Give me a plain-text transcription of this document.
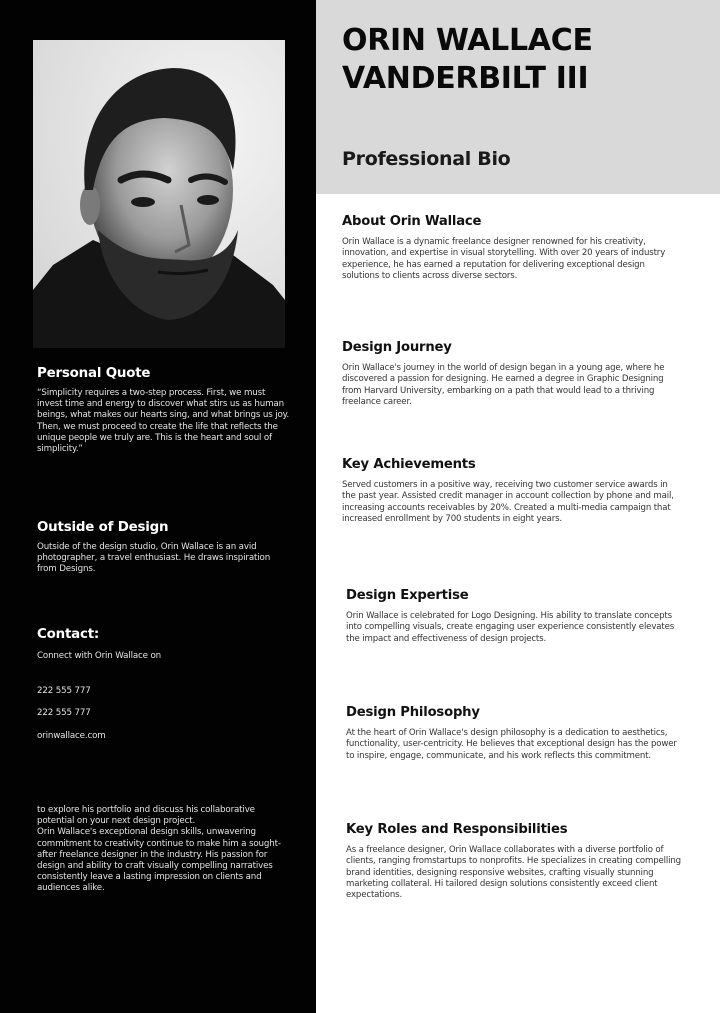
Personal Quote

“Simplicity requires a two-step process. First, we must invest time and energy to discover what stirs us as human beings, what makes our hearts sing, and what brings us joy. Then, we must proceed to create the life that reflects the unique people we truly are. This is the heart and soul of simplicity.”

Outside of Design

Outside of the design studio, Orin Wallace is an avid photographer, a travel enthusiast. He draws inspiration from Designs.

Contact:

Connect with Orin Wallace on

222 555 777

222 555 777

orinwallace.com

to explore his portfolio and discuss his collaborative potential on your next design project.

Orin Wallace's exceptional design skills, unwavering commitment to creativity continue to make him a sought-after freelance designer in the industry. His passion for design and ability to craft visually compelling narratives consistently leave a lasting impression on clients and audiences alike.

ORIN WALLACE
VANDERBILT III
Professional Bio
About Orin Wallace

Orin Wallace is a dynamic freelance designer renowned for his creativity, innovation, and expertise in visual storytelling. With over 20 years of industry experience, he has earned a reputation for delivering exceptional design solutions to clients across diverse sectors.

Design Journey

Orin Wallace's journey in the world of design began in a young age, where he discovered a passion for designing. He earned a degree in Graphic Designing from Harvard University, embarking on a path that would lead to a thriving freelance career.

Key Achievements

Served customers in a positive way, receiving two customer service awards in the past year. Assisted credit manager in account collection by phone and mail, increasing accounts receivables by 20%. Created a multi-media campaign that increased enrollment by 700 students in eight years.

Design Expertise

Orin Wallace is celebrated for Logo Designing. His ability to translate concepts into compelling visuals, create engaging user experience consistently elevates the impact and effectiveness of design projects.

Design Philosophy

At the heart of Orin Wallace's design philosophy is a dedication to aesthetics, functionality, user-centricity. He believes that exceptional design has the power to inspire, engage, communicate, and his work reflects this commitment.

Key Roles and Responsibilities

As a freelance designer, Orin Wallace collaborates with a diverse portfolio of clients, ranging fromstartups to nonprofits. He specializes in creating compelling brand identities, designing responsive websites, crafting visually stunning marketing collateral. Hi tailored design solutions consistently exceed client expectations.
